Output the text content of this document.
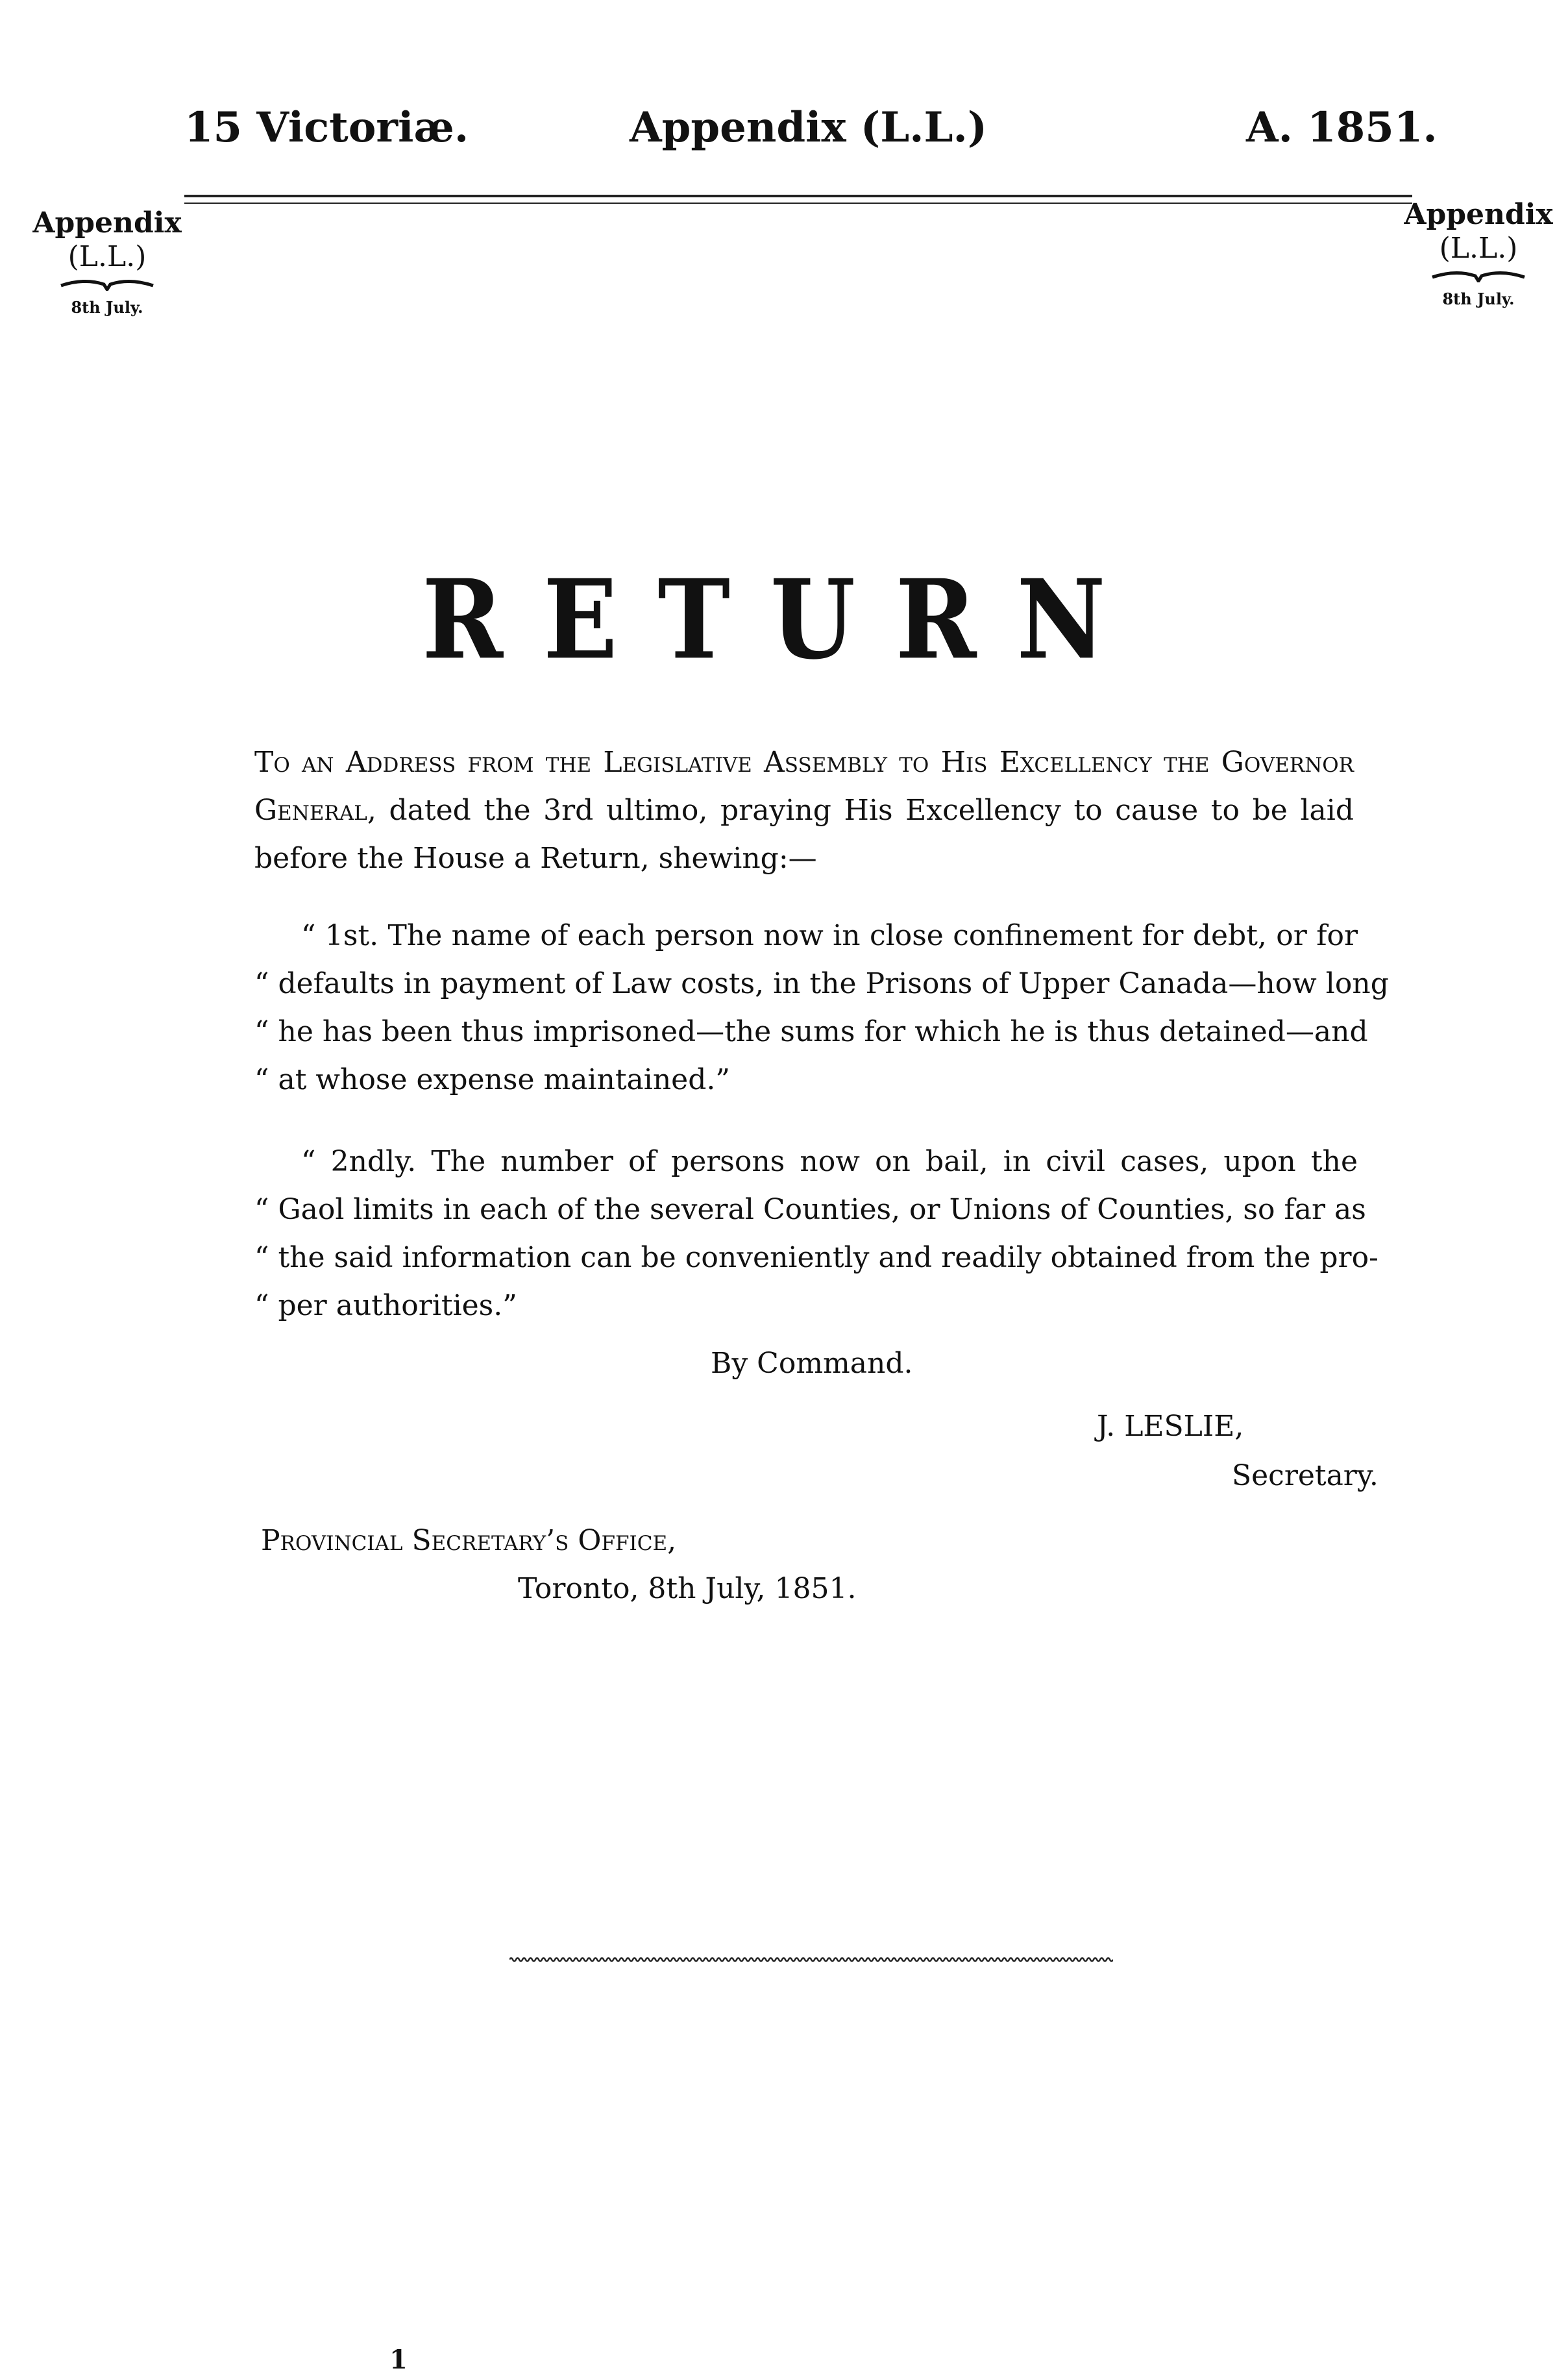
15 Victoriæ.	Appendix (L.L.)	A. 1851.
Appendix
(L.L.)
8th July.
Appendix
(L.L.)
8th July.
RETURN
To an Address from the Legislative Assembly to His Excellency the Governor General, dated the 3rd ultimo, praying His Excellency to cause to be laid before the House a Return, shewing:—
“ 1st. The name of each person now in close confinement for debt, or for
“ defaults in payment of Law costs, in the Prisons of Upper Canada—how long
“ he has been thus imprisoned—the sums for which he is thus detained—and
“ at whose expense maintained.”
“ 2ndly. The number of persons now on bail, in civil cases, upon the
“ Gaol limits in each of the several Counties, or Unions of Counties, so far as
“ the said information can be conveniently and readily obtained from the pro-
“ per authorities.”
By Command.
J. LESLIE,
Secretary.
Provincial Secretary’s Office,
Toronto, 8th July, 1851.
1
